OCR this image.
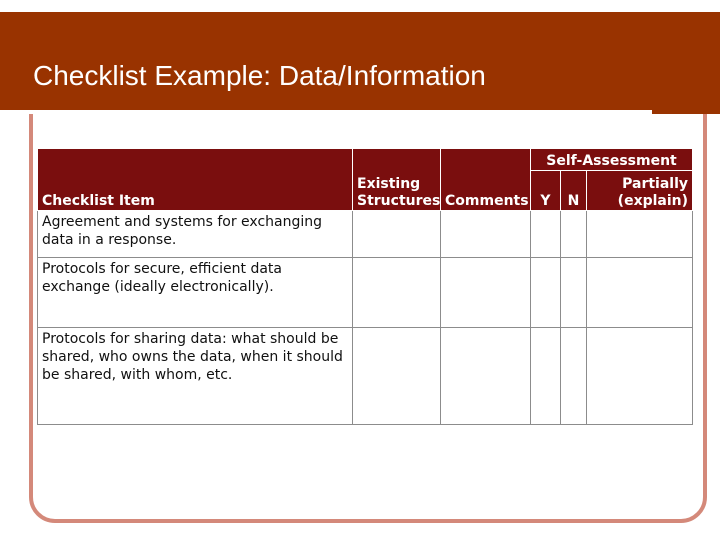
Checklist Example: Data/Information
Checklist Item	Existing Structures	Comments	Self-Assessment		
			Y	N	Partially (explain)
Agreement and systems for exchanging data in a response.					
Protocols for secure, efficient data exchange (ideally electronically).					
Protocols for sharing data: what should be shared, who owns the data, when it should be shared, with whom, etc.					
